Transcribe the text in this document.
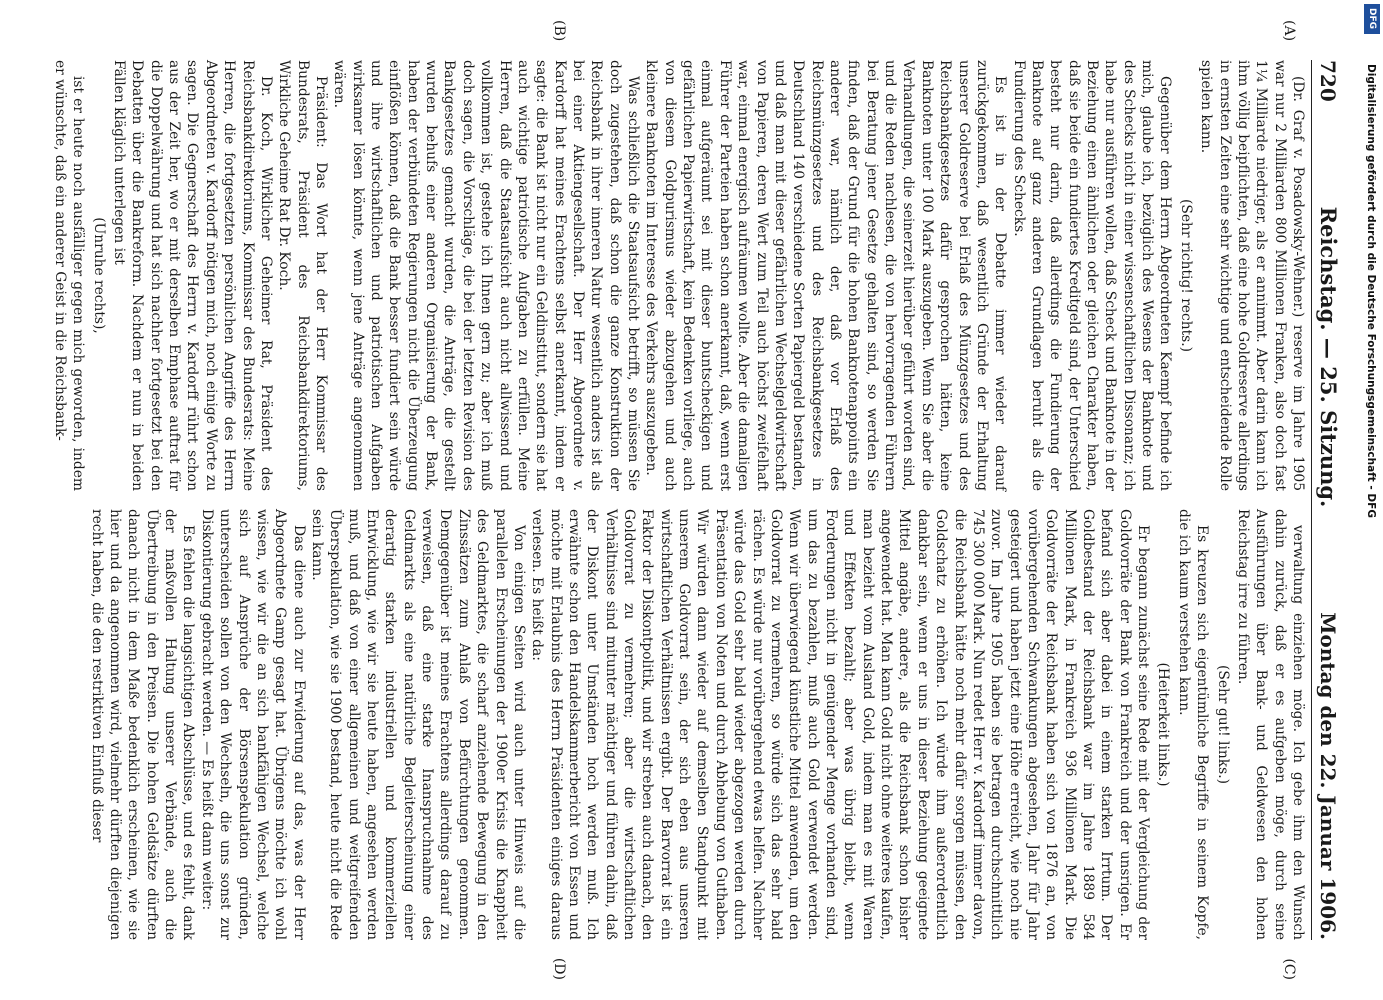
720
Reichstag. — 25. Sitzung.
Montag den 22. Januar 1906.
(A)
(B)
(C)
(D)

(Dr. Graf v. Posadowsky-Wehner.) reserve im Jahre 1905 war nur 2 Milliarden 800 Millionen Franken, also doch fast 1¼ Milliarde niedriger, als er annimmt. Aber darin kann ich ihm völlig beipflichten, daß eine hohe Goldreserve allerdings in ernsten Zeiten eine sehr wichtige und entscheidende Rolle spielen kann.

(Sehr richtig! rechts.)

Gegenüber dem Herrn Abgeordneten Kaempf befinde ich mich, glaube ich, bezüglich des Wesens der Banknote und des Schecks nicht in einer wissenschaftlichen Dissonanz; ich habe nur ausführen wollen, daß Scheck und Banknote in der Beziehung einen ähnlichen oder gleichen Charakter haben, daß sie beide ein fundiertes Kreditgeld sind, der Unterschied besteht nur darin, daß allerdings die Fundierung der Banknote auf ganz anderen Grundlagen beruht als die Fundierung des Schecks.

Es ist in der Debatte immer wieder darauf zurückgekommen, daß wesentlich Gründe der Erhaltung unserer Goldreserve bei Erlaß des Münzgesetzes und des Reichsbankgesetzes dafür gesprochen hätten, keine Banknoten unter 100 Mark auszugeben. Wenn Sie aber die Verhandlungen, die seinerzeit hierüber geführt worden sind, und die Reden nachlesen, die von hervorragenden Führern bei Beratung jener Gesetze gehalten sind, so werden Sie finden, daß der Grund für die hohen Banknotenappoints ein anderer war, nämlich der, daß vor Erlaß des Reichsmünzgesetzes und des Reichsbankgesetzes in Deutschland 140 verschiedene Sorten Papiergeld bestanden, und daß man mit dieser gefährlichen Wechselgeldwirtschaft von Papieren, deren Wert zum Teil auch höchst zweifelhaft war, einmal energisch aufräumen wollte. Aber die damaligen Führer der Parteien haben schon anerkannt, daß, wenn erst einmal aufgeräumt sei mit dieser buntscheckigen und gefährlichen Papierwirtschaft, kein Bedenken vorliege, auch von diesem Goldpurismus wieder abzugehen und auch kleinere Banknoten im Interesse des Verkehrs auszugeben.

Was schließlich die Staatsaufsicht betrifft, so müssen Sie doch zugestehen, daß schon die ganze Konstruktion der Reichsbank in ihrer inneren Natur wesentlich anders ist als bei einer Aktiengesellschaft. Der Herr Abgeordnete v. Kardorff hat meines Erachtens selbst anerkannt, indem er sagte: die Bank ist nicht nur ein Geldinstitut, sondern sie hat auch wichtige patriotische Aufgaben zu erfüllen. Meine Herren, daß die Staatsaufsicht auch nicht allwissend und vollkommen ist, gestehe ich Ihnen gern zu; aber ich muß doch sagen, die Vorschläge, die bei der letzten Revision des Bankgesetzes gemacht wurden, die Anträge, die gestellt wurden behufs einer anderen Organisierung der Bank, haben der verbündeten Regierungen nicht die Überzeugung einflößen können, daß die Bank besser fundiert sein würde und ihre wirtschaftlichen und patriotischen Aufgaben wirksamer lösen könnte, wenn jene Anträge angenommen wären.

Präsident: Das Wort hat der Herr Kommissar des Bundesrats, Präsident des Reichsbankdirektoriums, Wirkliche Geheime Rat Dr. Koch.

Dr. Koch, Wirklicher Geheimer Rat, Präsident des Reichsbankdirektoriums, Kommissar des Bundesrats: Meine Herren, die fortgesetzten persönlichen Angriffe des Herrn Abgeordneten v. Kardorff nötigen mich, noch einige Worte zu sagen. Die Gegnerschaft des Herrn v. Kardorff rührt schon aus der Zeit her, wo er mit derselben Emphase auftrat für die Doppelwährung und hat sich nachher fortgesetzt bei den Debatten über die Bankreform. Nachdem er nun in beiden Fällen kläglich unterlegen ist

(Unruhe rechts),

ist er heute noch ausfälliger gegen mich geworden, indem er wünschte, daß ein anderer Geist in die Reichsbank-

verwaltung einziehen möge. Ich gebe ihm den Wunsch dahin zurück, daß er es aufgeben möge, durch seine Ausführungen über Bank- und Geldwesen den hohen Reichstag irre zu führen.

(Sehr gut! links.)

Es kreuzen sich eigentümliche Begriffe in seinem Kopfe, die ich kaum verstehen kann.

(Heiterkeit links.)

Er begann zunächst seine Rede mit der Vergleichung der Goldvorräte der Bank von Frankreich und der unsrigen. Er befand sich aber dabei in einem starken Irrtum. Der Goldbestand der Reichsbank war im Jahre 1889 584 Millionen Mark, in Frankreich 936 Millionen Mark. Die Goldvorräte der Reichsbank haben sich von 1876 an, von vorübergehenden Schwankungen abgesehen, Jahr für Jahr gesteigert und haben jetzt eine Höhe erreicht, wie noch nie zuvor. Im Jahre 1905 haben sie betragen durchschnittlich 745 300 000 Mark. Nun redet Herr v. Kardorff immer davon, die Reichsbank hätte noch mehr dafür sorgen müssen, den Goldschatz zu erhöhen. Ich würde ihm außerordentlich dankbar sein, wenn er uns in dieser Beziehung geeignete Mittel angäbe, andere, als die Reichsbank schon bisher angewendet hat. Man kann Gold nicht ohne weiteres kaufen, man bezieht vom Ausland Gold, indem man es mit Waren und Effekten bezahlt; aber was übrig bleibt, wenn Forderungen nicht in genügender Menge vorhanden sind, um das zu bezahlen, muß auch Gold verwendet werden. Wenn wir überwiegend künstliche Mittel anwenden, um den Goldvorrat zu vermehren, so würde sich das sehr bald rächen. Es würde nur vorübergehend etwas helfen. Nachher würde das Gold sehr bald wieder abgezogen werden durch Präsentation von Noten und durch Abhebung von Guthaben. Wir würden dann wieder auf demselben Standpunkt mit unserem Goldvorrat sein, der sich eben aus unseren wirtschaftlichen Verhältnissen ergibt. Der Barvorrat ist ein Faktor der Diskontpolitik, und wir streben auch danach, den Goldvorrat zu vermehren; aber die wirtschaftlichen Verhältnisse sind mitunter mächtiger und führen dahin, daß der Diskont unter Umständen hoch werden muß. Ich erwähnte schon den Handelskammerbericht von Essen und möchte mit Erlaubnis des Herrn Präsidenten einiges daraus verlesen. Es heißt da:

Von einigen Seiten wird auch unter Hinweis auf die parallelen Erscheinungen der 1900er Krisis die Knappheit des Geldmarktes, die scharf anziehende Bewegung in den Zinssätzen zum Anlaß von Befürchtungen genommen. Demgegenüber ist meines Erachtens allerdings darauf zu verweisen, daß eine starke Inanspruchnahme des Geldmarkts als eine natürliche Begleiterscheinung einer derartig starken industriellen und kommerziellen Entwicklung, wie wir sie heute haben, angesehen werden muß, und daß von einer allgemeinen und weitgreifenden Überspekulation, wie sie 1900 bestand, heute nicht die Rede sein kann.

Das diene auch zur Erwiderung auf das, was der Herr Abgeordnete Gamp gesagt hat. Übrigens möchte ich wohl wissen, wie wir die an sich bankfähigen Wechsel, welche sich auf Ansprüche der Börsenspekulation gründen, unterscheiden sollen von den Wechseln, die uns sonst zur Diskontierung gebracht werden. — Es heißt dann weiter:

Es fehlen die langsichtigen Abschlüsse, und es fehlt, dank der maßvollen Haltung unserer Verbände, auch die Übertreibung in den Preisen. Die hohen Geldsätze dürften danach nicht in dem Maße bedenklich erscheinen, wie sie hier und da angenommen wird, vielmehr dürften diejenigen recht haben, die den restriktiven Einfluß dieser

DFG
Digitalisierung gefördert durch die Deutsche Forschungsgemeinschaft - DFG
